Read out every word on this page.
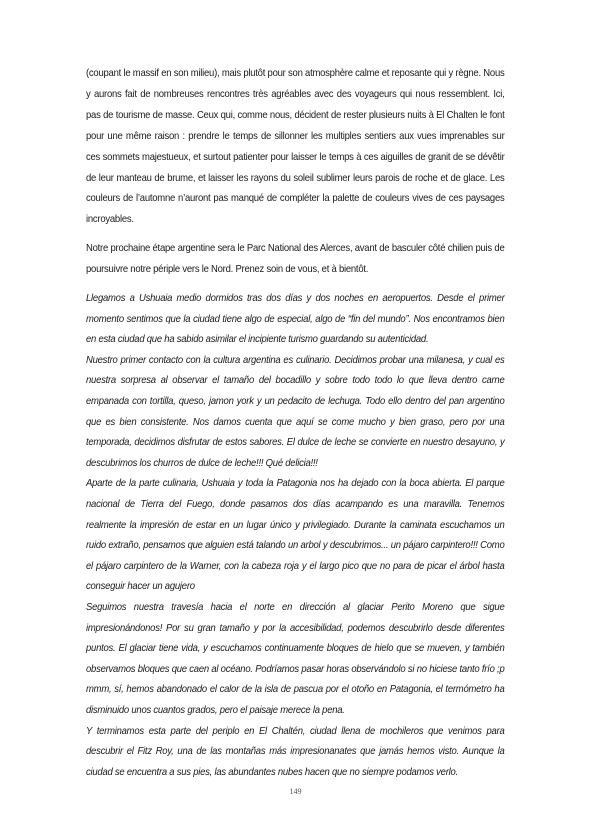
(coupant le massif en son milieu), mais plutôt pour son atmosphère calme et reposante qui y règne. Nous y aurons fait de nombreuses rencontres très agréables avec des voyageurs qui nous ressemblent. Ici, pas de tourisme de masse. Ceux qui, comme nous, décident de rester plusieurs nuits à El Chalten le font pour une même raison : prendre le temps de sillonner les multiples sentiers aux vues imprenables sur ces sommets majestueux, et surtout patienter pour laisser le temps à ces aiguilles de granit de se dévêtir de leur manteau de brume, et laisser les rayons du soleil sublimer leurs parois de roche et de glace. Les couleurs de l’automne n’auront pas manqué de compléter la palette de couleurs vives de ces paysages incroyables.

Notre prochaine étape argentine sera le Parc National des Alerces, avant de basculer côté chilien puis de poursuivre notre périple vers le Nord. Prenez soin de vous, et à bientôt.

Llegamos a Ushuaia medio dormidos tras dos días y dos noches en aeropuertos. Desde el primer momento sentimos que la ciudad tiene algo de especial, algo de “fin del mundo”. Nos encontramos bien en esta ciudad que ha sabido asimilar el incipiente turismo guardando su autenticidad.

Nuestro primer contacto con la cultura argentina es culinario. Decidimos probar una milanesa, y cual es nuestra sorpresa al observar el tamaño del bocadillo y sobre todo todo lo que lleva dentro carne empanada con tortilla, queso, jamon york y un pedacito de lechuga. Todo ello dentro del pan argentino que es bien consistente. Nos damos cuenta que aquí se come mucho y bien graso, pero por una temporada, decidimos disfrutar de estos sabores. El dulce de leche se convierte en nuestro desayuno, y descubrimos los churros de dulce de leche!!! Qué delicia!!!

Aparte de la parte culinaria, Ushuaia y toda la Patagonia nos ha dejado con la boca abierta. El parque nacional de Tierra del Fuego, donde pasamos dos días acampando es una maravilla. Tenemos realmente la impresión de estar en un lugar único y privilegiado. Durante la caminata escuchamos un ruido extraño, pensamos que alguien está talando un arbol y descubrimos... un pájaro carpintero!!! Como el pájaro carpintero de la Warner, con la cabeza roja y el largo pico que no para de picar el árbol hasta conseguir hacer un agujero

Seguimos nuestra travesía hacia el norte en dirección al glaciar Perito Moreno que sigue impresionándonos! Por su gran tamaño y por la accesibilidad, podemos descubrirlo desde diferentes puntos. El glaciar tiene vida, y escuchamos continuamente bloques de hielo que se mueven, y también observamos bloques que caen al océano. Podríamos pasar horas observándolo si no hiciese tanto frío ;p mmm, sí, hemos abandonado el calor de la isla de pascua por el otoño en Patagonia, el termómetro ha disminuido unos cuantos grados, pero el paisaje merece la pena.

Y terminamos esta parte del periplo en El Chaltén, ciudad llena de mochileros que venimos para descubrir el Fitz Roy, una de las montañas más impresionanates que jamás hemos visto. Aunque la ciudad se encuentra a sus pies, las abundantes nubes hacen que no siempre podamos verlo.

149
